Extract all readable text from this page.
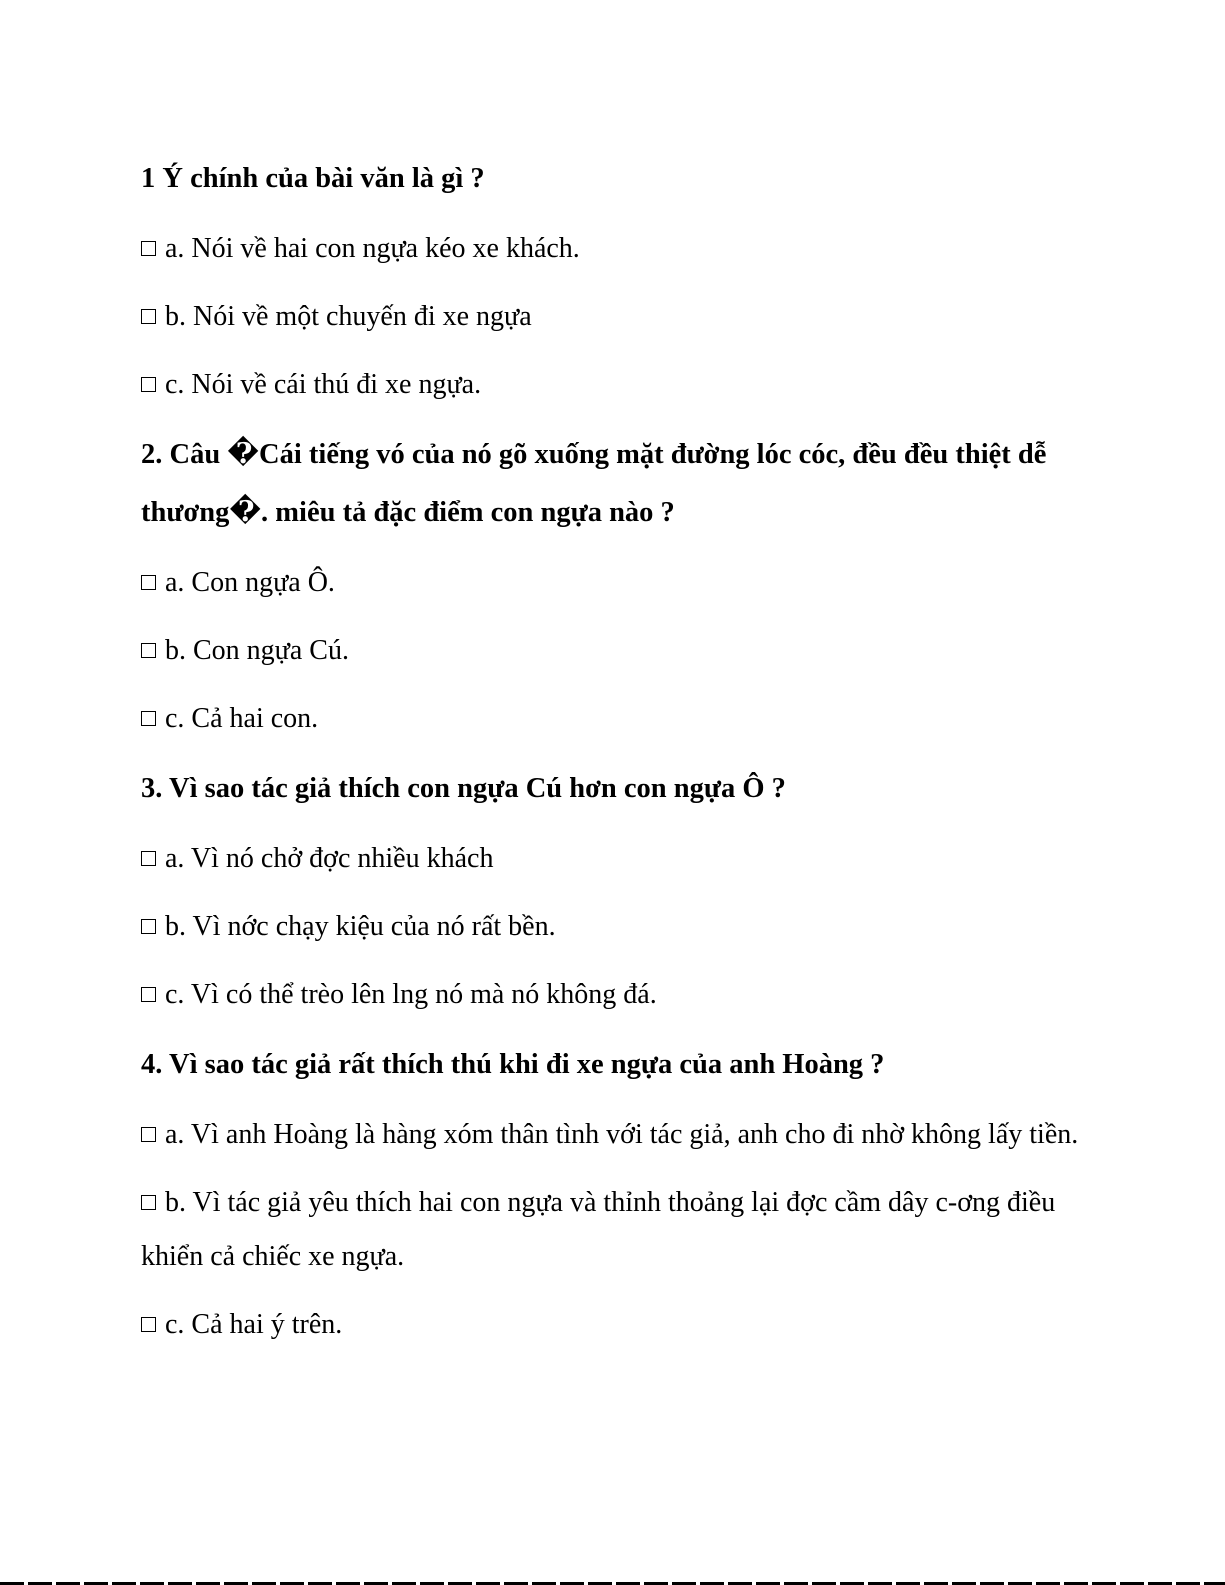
1 Ý chính của bài văn là gì ?

a. Nói về hai con ngựa kéo xe khách.

b. Nói về một chuyến đi xe ngựa

c. Nói về cái thú đi xe ngựa.

2. Câu �Cái tiếng vó của nó gõ xuống mặt đường lóc cóc, đều đều thiệt dễ thương�. miêu tả đặc điểm con ngựa nào ?

a. Con ngựa Ô.

b. Con ngựa Cú.

c. Cả hai con.

3. Vì sao tác giả thích con ngựa Cú hơn con ngựa Ô ?

a. Vì nó chở đợc nhiều khách

b. Vì nớc chạy kiệu của nó rất bền.

c. Vì có thể trèo lên lng nó mà nó không đá.

4. Vì sao tác giả rất thích thú khi đi xe ngựa của anh Hoàng ?

a. Vì anh Hoàng là hàng xóm thân tình với tác giả, anh cho đi nhờ không lấy tiền.

b. Vì tác giả yêu thích hai con ngựa và thỉnh thoảng lại đợc cầm dây c-ơng điều khiển cả chiếc xe ngựa.

c. Cả hai ý trên.
